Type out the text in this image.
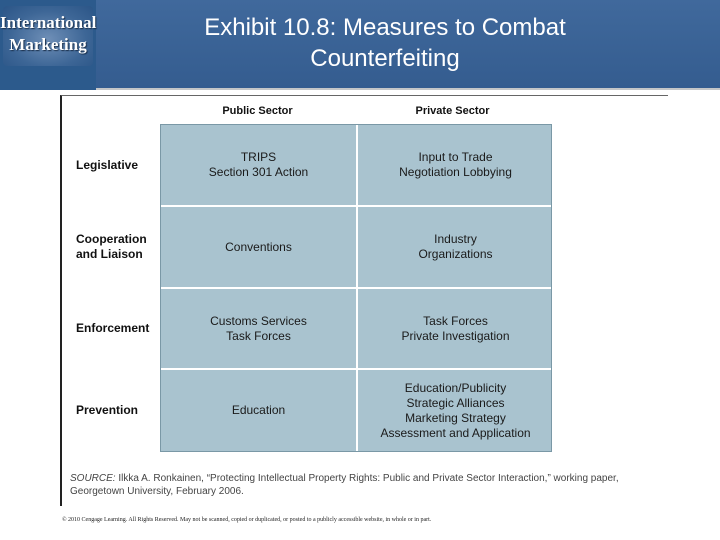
International
Marketing
Exhibit 10.8: Measures to Combat
Counterfeiting
Public Sector	Private Sector
TRIPS
Section 301 Action
Input to Trade
Negotiation Lobbying
Conventions
Industry
Organizations
Customs Services
Task Forces
Task Forces
Private Investigation
Education
Education/Publicity
Strategic Alliances
Marketing Strategy
Assessment and Application
Legislative
Cooperation
and Liaison
Enforcement
Prevention
SOURCE: Ilkka A. Ronkainen, “Protecting Intellectual Property Rights: Public and Private Sector Interaction,” working paper, Georgetown University, February 2006.
© 2010 Cengage Learning. All Rights Reserved. May not be scanned, copied or duplicated, or posted to a publicly accessible website, in whole or in part.
